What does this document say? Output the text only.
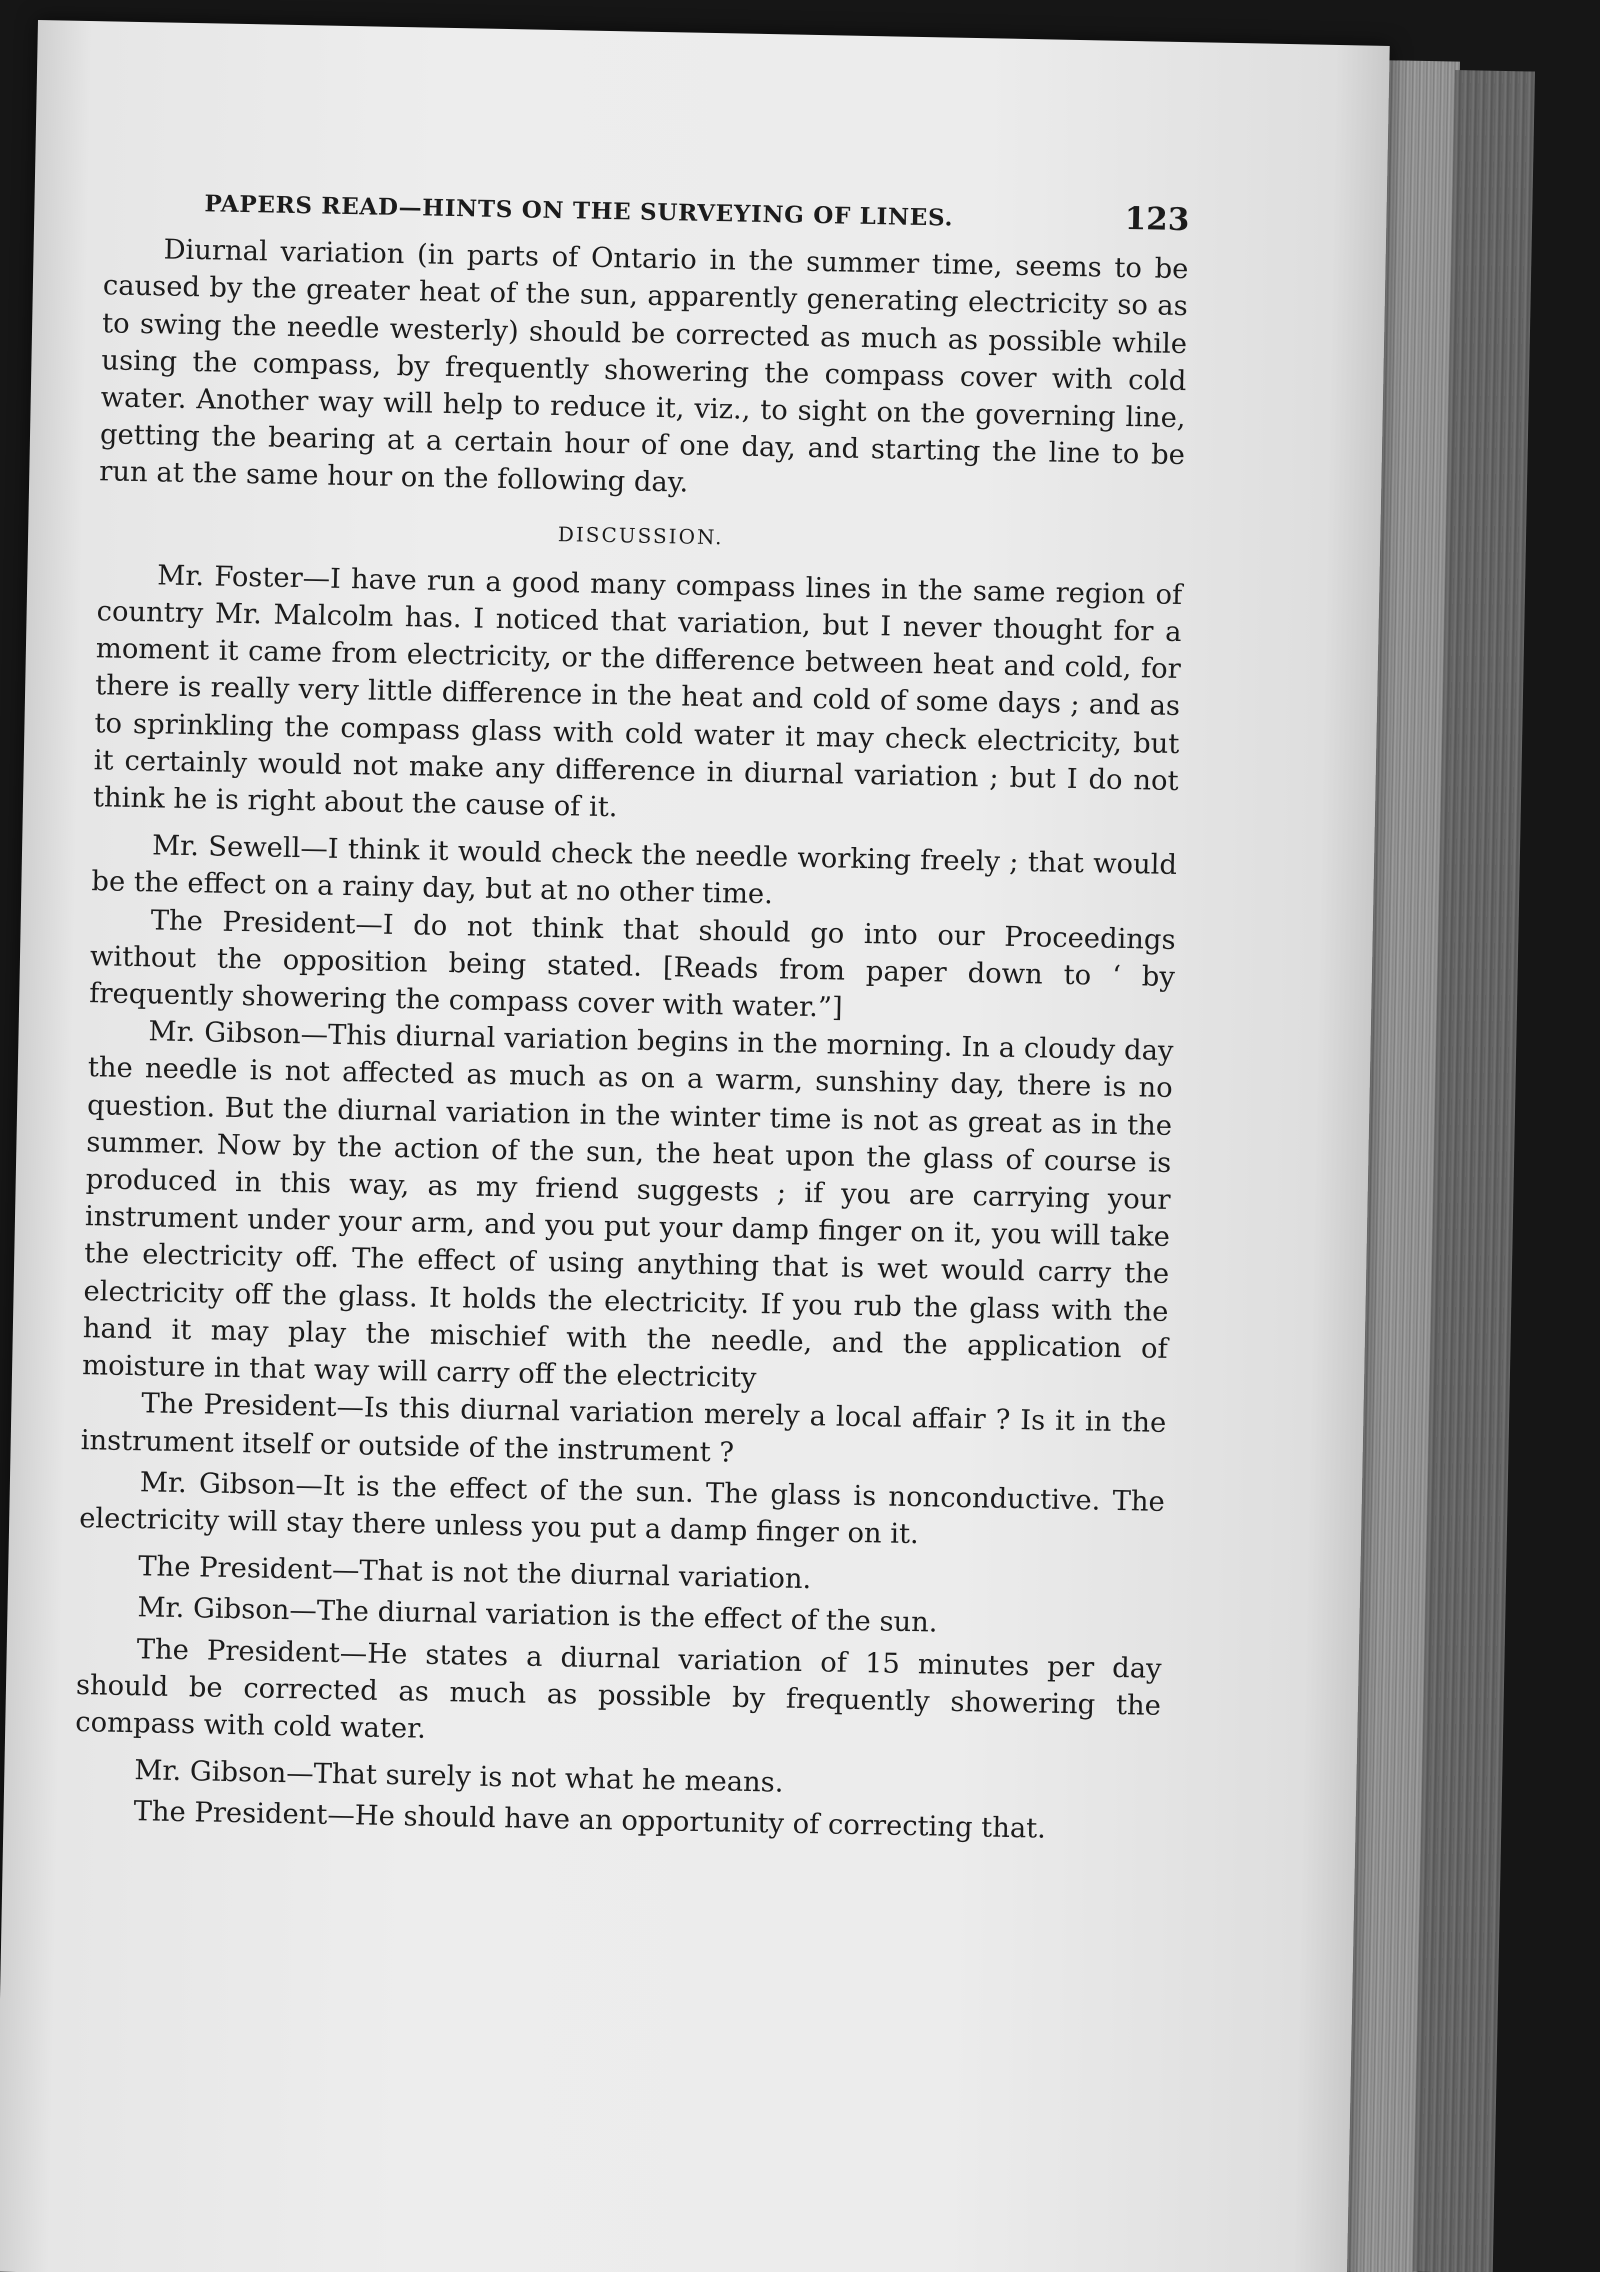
PAPERS READ—HINTS ON THE SURVEYING OF LINES.	123

Diurnal variation (in parts of Ontario in the summer time, seems to be caused by the greater heat of the sun, apparently generating electricity so as to swing the needle westerly) should be corrected as much as possible while using the compass, by frequently showering the compass cover with cold water. Another way will help to reduce it, viz., to sight on the governing line, getting the bearing at a certain hour of one day, and starting the line to be run at the same hour on the following day.

DISCUSSION.

Mr. Foster—I have run a good many compass lines in the same region of country Mr. Malcolm has. I noticed that variation, but I never thought for a moment it came from electricity, or the difference between heat and cold, for there is really very little difference in the heat and cold of some days ; and as to sprinkling the compass glass with cold water it may check electricity, but it certainly would not make any difference in diurnal variation ; but I do not think he is right about the cause of it.

Mr. Sewell—I think it would check the needle working freely ; that would be the effect on a rainy day, but at no other time.

The President—I do not think that should go into our Proceedings without the opposition being stated. [Reads from paper down to ‘ by frequently showering the compass cover with water.”]

Mr. Gibson—This diurnal variation begins in the morning. In a cloudy day the needle is not affected as much as on a warm, sunshiny day, there is no question. But the diurnal variation in the winter time is not as great as in the summer. Now by the action of the sun, the heat upon the glass of course is produced in this way, as my friend suggests ; if you are carrying your instrument under your arm, and you put your damp finger on it, you will take the electricity off. The effect of using anything that is wet would carry the electricity off the glass. It holds the electricity. If you rub the glass with the hand it may play the mischief with the needle, and the application of moisture in that way will carry off the electricity

The President—Is this diurnal variation merely a local affair ? Is it in the instrument itself or outside of the instrument ?

Mr. Gibson—It is the effect of the sun. The glass is nonconductive. The electricity will stay there unless you put a damp finger on it.

The President—That is not the diurnal variation.

Mr. Gibson—The diurnal variation is the effect of the sun.

The President—He states a diurnal variation of 15 minutes per day should be corrected as much as possible by frequently showering the compass with cold water.

Mr. Gibson—That surely is not what he means.

The President—He should have an opportunity of correcting that.
